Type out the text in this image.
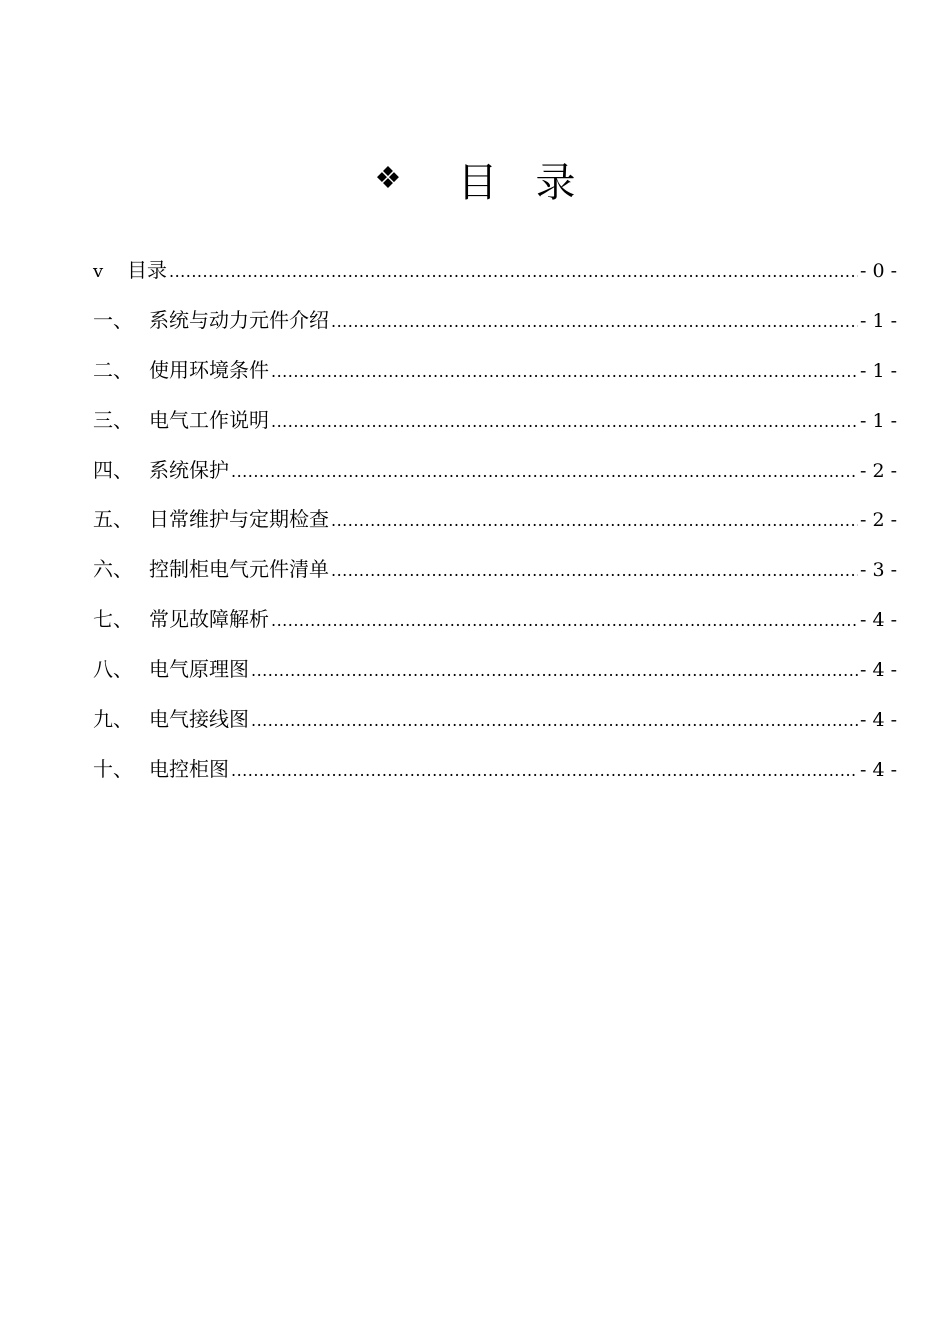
❖ 目录
v	目录 .....	- 0 -
一、 系统与动力元件介绍 .....	- 1 -
二、 使用环境条件 .....	- 1 -
三、 电气工作说明 .....	- 1 -
四、 系统保护 .....	- 2 -
五、 日常维护与定期检查 .....	- 2 -
六、 控制柜电气元件清单 .....	- 3 -
七、 常见故障解析 .....	- 4 -
八、 电气原理图 .....	- 4 -
九、 电气接线图 .....	- 4 -
十、 电控柜图 .....	- 4 -
